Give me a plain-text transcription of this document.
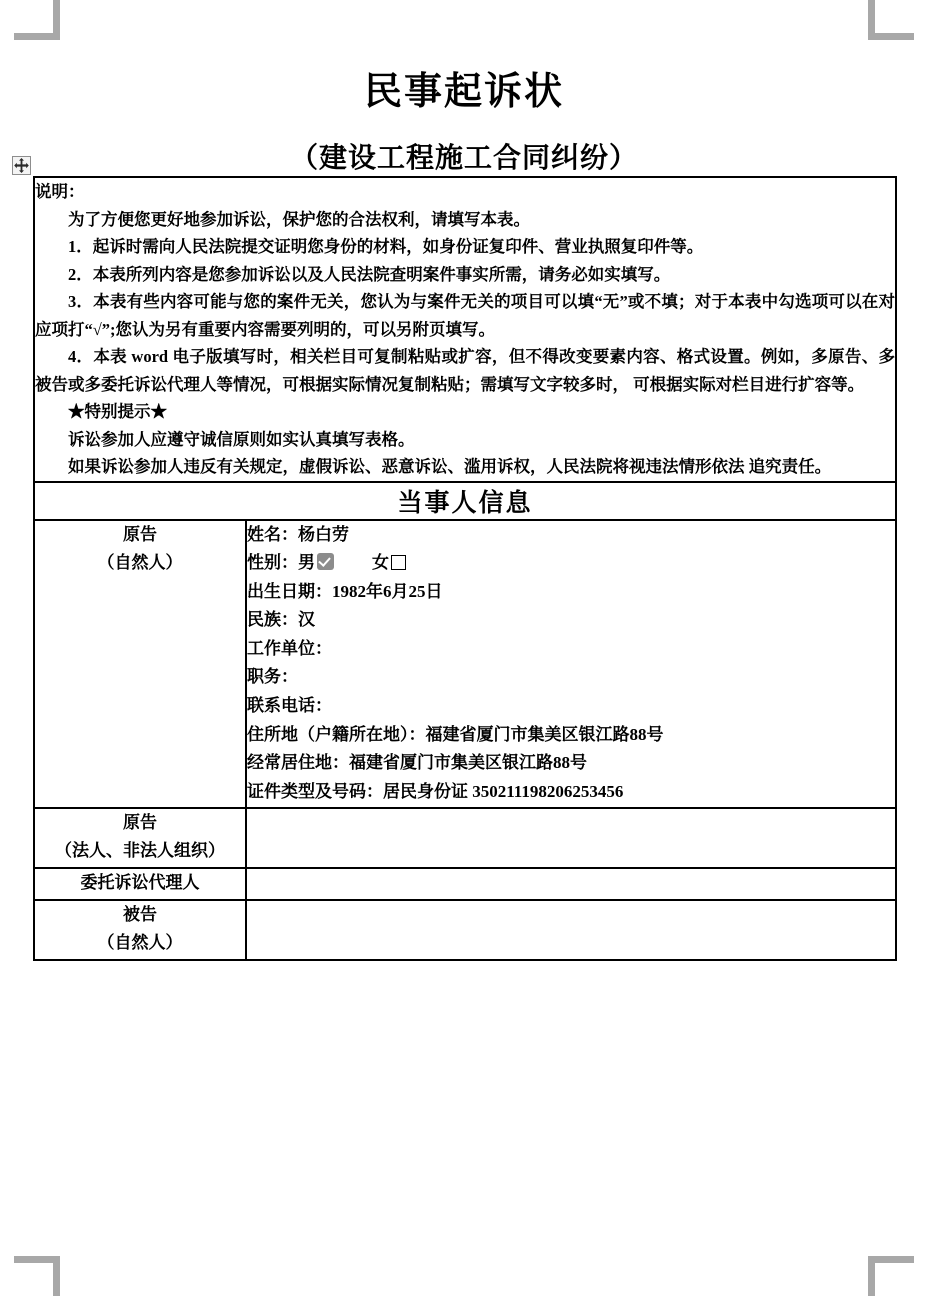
民事起诉状
（建设工程施工合同纠纷）
说明：
为了方便您更好地参加诉讼，保护您的合法权利，请填写本表。
1．起诉时需向人民法院提交证明您身份的材料，如身份证复印件、营业执照复印件等。
2．本表所列内容是您参加诉讼以及人民法院查明案件事实所需，请务必如实填写。
3．本表有些内容可能与您的案件无关，您认为与案件无关的项目可以填“无”或不填；对于本表中勾选项可以在对应项打“√”;您认为另有重要内容需要列明的，可以另附页填写。
4．本表 word 电子版填写时，相关栏目可复制粘贴或扩容，但不得改变要素内容、格式设置。例如，多原告、多被告或多委托诉讼代理人等情况，可根据实际情况复制粘贴；需填写文字较多时， 可根据实际对栏目进行扩容等。
★特别提示★
诉讼参加人应遵守诚信原则如实认真填写表格。
如果诉讼参加人违反有关规定，虚假诉讼、恶意诉讼、滥用诉权，人民法院将视违法情形依法 追究责任。

当事人信息	

原告
（自然人）

姓名：杨白劳
性别：男	女
出生日期：1982年6月25日
民族：汉
工作单位：
职务：
联系电话：
住所地（户籍所在地）：福建省厦门市集美区银江路88号
经常居住地：福建省厦门市集美区银江路88号
证件类型及号码：居民身份证 350211198206253456

原告
（法人、非法人组织）	

委托诉讼代理人	

被告
（自然人）	
